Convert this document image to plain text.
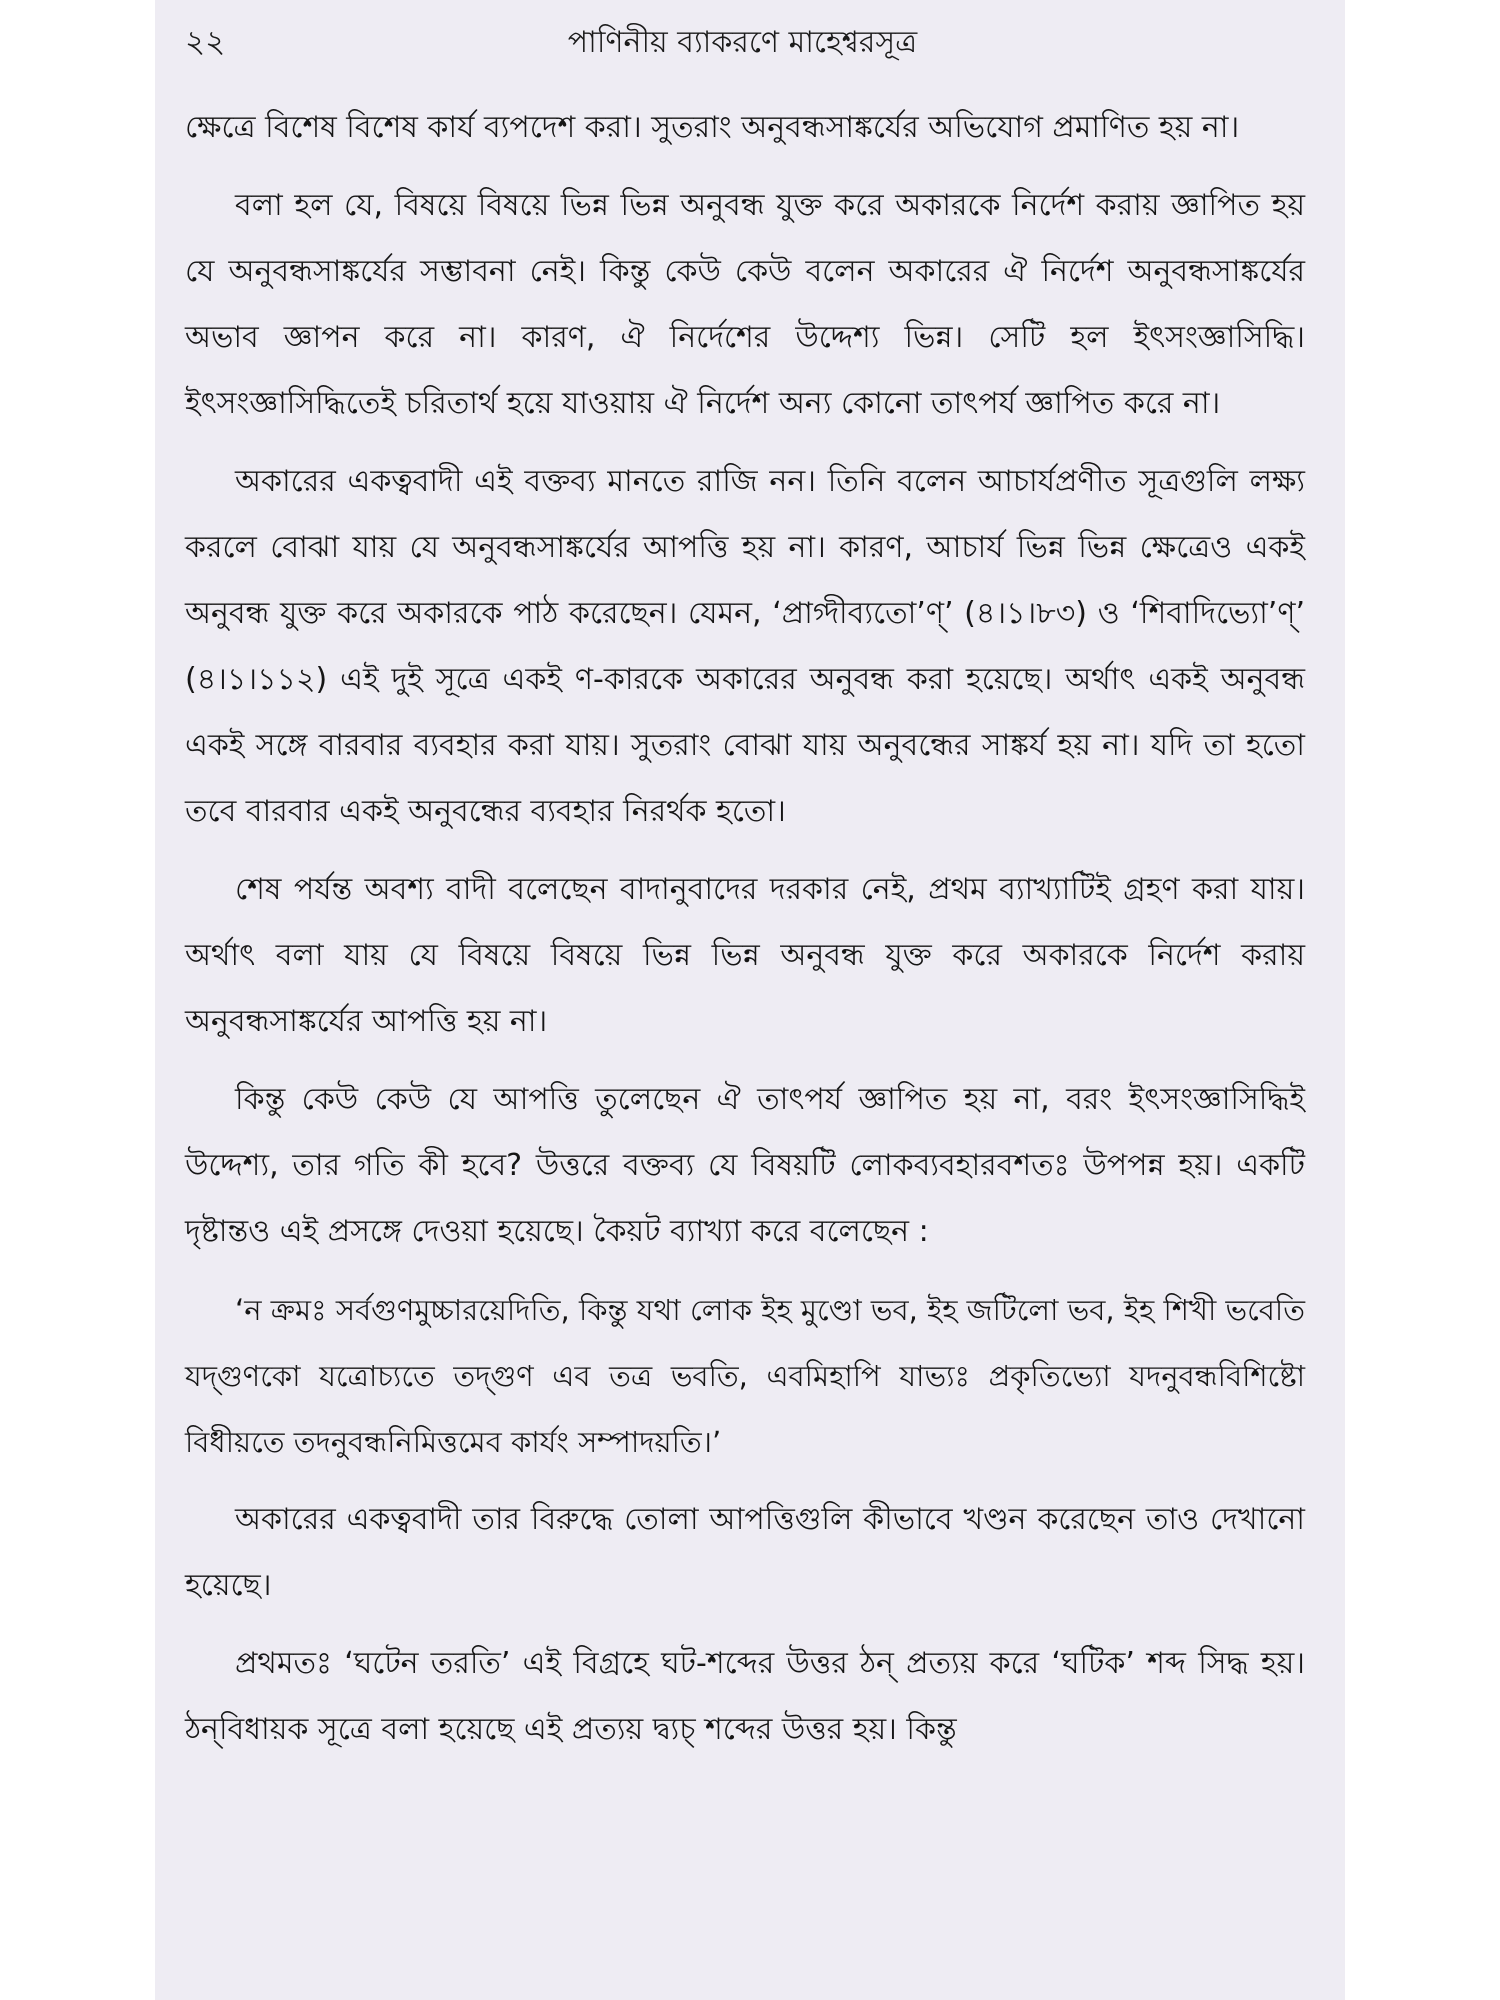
২২	পাণিনীয় ব্যাকরণে মাহেশ্বরসূত্র

ক্ষেত্রে বিশেষ বিশেষ কার্য ব্যপদেশ করা। সুতরাং অনুবন্ধসাঙ্কর্যের অভিযোগ প্রমাণিত হয় না।

বলা হল যে, বিষয়ে বিষয়ে ভিন্ন ভিন্ন অনুবন্ধ যুক্ত করে অকারকে নির্দেশ করায় জ্ঞাপিত হয় যে অনুবন্ধসাঙ্কর্যের সম্ভাবনা নেই। কিন্তু কেউ কেউ বলেন অকারের ঐ নির্দেশ অনুবন্ধসাঙ্কর্যের অভাব জ্ঞাপন করে না। কারণ, ঐ নির্দেশের উদ্দেশ্য ভিন্ন। সেটি হল ইৎসংজ্ঞাসিদ্ধি। ইৎসংজ্ঞাসিদ্ধিতেই চরিতার্থ হয়ে যাওয়ায় ঐ নির্দেশ অন্য কোনো তাৎপর্য জ্ঞাপিত করে না।

অকারের একত্ববাদী এই বক্তব্য মানতে রাজি নন। তিনি বলেন আচার্যপ্রণীত সূত্রগুলি লক্ষ্য করলে বোঝা যায় যে অনুবন্ধসাঙ্কর্যের আপত্তি হয় না। কারণ, আচার্য ভিন্ন ভিন্ন ক্ষেত্রেও একই অনুবন্ধ যুক্ত করে অকারকে পাঠ করেছেন। যেমন, ‘প্রাগ্দীব্যতো’ণ্’ (৪।১।৮৩) ও ‘শিবাদিভ্যো’ণ্’ (৪।১।১১২) এই দুই সূত্রে একই ণ-কারকে অকারের অনুবন্ধ করা হয়েছে। অর্থাৎ একই অনুবন্ধ একই সঙ্গে বারবার ব্যবহার করা যায়। সুতরাং বোঝা যায় অনুবন্ধের সাঙ্কর্য হয় না। যদি তা হতো তবে বারবার একই অনুবন্ধের ব্যবহার নিরর্থক হতো।

শেষ পর্যন্ত অবশ্য বাদী বলেছেন বাদানুবাদের দরকার নেই, প্রথম ব্যাখ্যাটিই গ্রহণ করা যায়। অর্থাৎ বলা যায় যে বিষয়ে বিষয়ে ভিন্ন ভিন্ন অনুবন্ধ যুক্ত করে অকারকে নির্দেশ করায় অনুবন্ধসাঙ্কর্যের আপত্তি হয় না।

কিন্তু কেউ কেউ যে আপত্তি তুলেছেন ঐ তাৎপর্য জ্ঞাপিত হয় না, বরং ইৎসংজ্ঞাসিদ্ধিই উদ্দেশ্য, তার গতি কী হবে? উত্তরে বক্তব্য যে বিষয়টি লোকব্যবহারবশতঃ উপপন্ন হয়। একটি দৃষ্টান্তও এই প্রসঙ্গে দেওয়া হয়েছে। কৈয়ট ব্যাখ্যা করে বলেছেন :

‘ন ক্রমঃ সর্বগুণমুচ্চারয়েদিতি, কিন্তু যথা লোক ইহ মুণ্ডো ভব, ইহ জটিলো ভব, ইহ শিখী ভবেতি যদ্গুণকো যত্রোচ্যতে তদ্গুণ এব তত্র ভবতি, এবমিহাপি যাভ্যঃ প্রকৃতিভ্যো যদনুবন্ধবিশিষ্টো বিধীয়তে তদনুবন্ধনিমিত্তমেব কার্যং সম্পাদয়তি।’

অকারের একত্ববাদী তার বিরুদ্ধে তোলা আপত্তিগুলি কীভাবে খণ্ডন করেছেন তাও দেখানো হয়েছে।

প্রথমতঃ ‘ঘটেন তরতি’ এই বিগ্রহে ঘট-শব্দের উত্তর ঠন্ প্রত্যয় করে ‘ঘটিক’ শব্দ সিদ্ধ হয়। ঠন্‌বিধায়ক সূত্রে বলা হয়েছে এই প্রত্যয় দ্ব্যচ্ শব্দের উত্তর হয়। কিন্তু
